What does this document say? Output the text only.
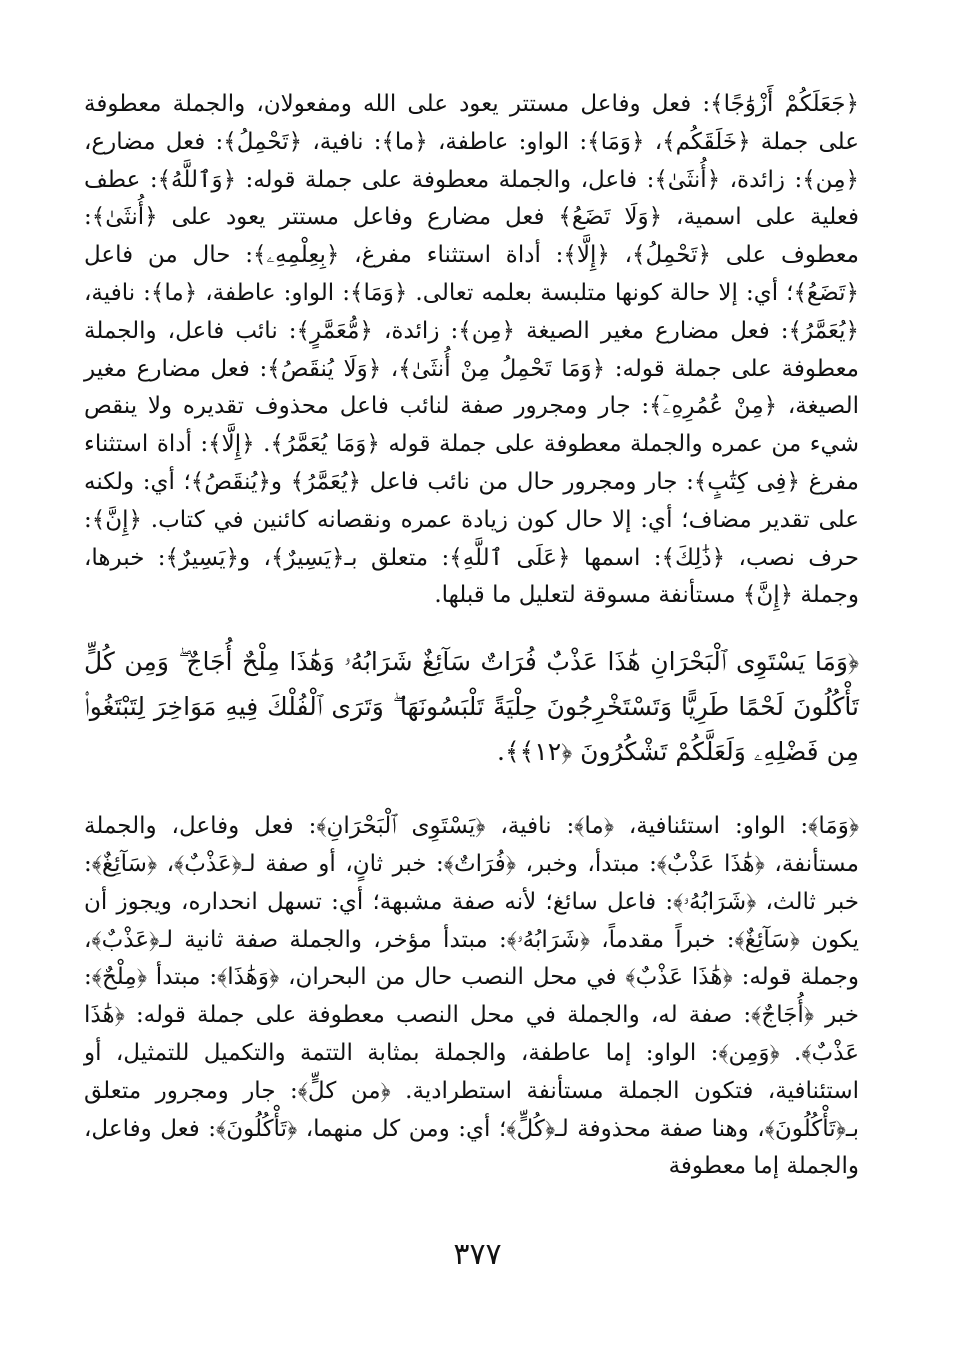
﴿جَعَلَكُمْ أَزْوَٰجًا﴾: فعل وفاعل مستتر يعود على الله ومفعولان، والجملة معطوفة على جملة ﴿خَلَقَكُم﴾، ﴿وَمَا﴾: الواو: عاطفة، ﴿ما﴾: نافية، ﴿تَحْمِلُ﴾: فعل مضارع، ﴿مِن﴾: زائدة، ﴿أُنثَىٰ﴾: فاعل، والجملة معطوفة على جملة قوله: ﴿وَٱللَّهُ﴾: عطف فعلية على اسمية، ﴿وَلَا تَضَعُ﴾ فعل مضارع وفاعل مستتر يعود على ﴿أُنثَىٰ﴾: معطوف على ﴿تَحْمِلُ﴾، ﴿إِلَّا﴾: أداة استثناء مفرغ، ﴿بِعِلْمِهِۦ﴾: حال من فاعل ﴿تَضَعُ﴾؛ أي: إلا حالة كونها متلبسة بعلمه تعالى. ﴿وَمَا﴾: الواو: عاطفة، ﴿ما﴾: نافية، ﴿يُعَمَّرُ﴾: فعل مضارع مغير الصيغة ﴿مِن﴾: زائدة، ﴿مُّعَمَّرٍ﴾: نائب فاعل، والجملة معطوفة على جملة قوله: ﴿وَمَا تَحْمِلُ مِنْ أُنثَىٰ﴾، ﴿وَلَا يُنقَصُ﴾: فعل مضارع مغير الصيغة، ﴿مِنْ عُمُرِهِۦٓ﴾: جار ومجرور صفة لنائب فاعل محذوف تقديره ولا ينقص شيء من عمره والجملة معطوفة على جملة قوله ﴿وَمَا يُعَمَّرُ﴾. ﴿إِلَّا﴾: أداة استثناء مفرغ ﴿فِى كِتَٰبٍ﴾: جار ومجرور حال من نائب فاعل ﴿يُعَمَّرُ﴾ و﴿يُنقَصُ﴾؛ أي: ولكنه على تقدير مضاف؛ أي: إلا حال كون زيادة عمره ونقصانه كائنين في كتاب. ﴿إِنَّ﴾: حرف نصب، ﴿ذَٰلِكَ﴾: اسمها ﴿عَلَى ٱللَّهِ﴾: متعلق بـ﴿يَسِيرٌ﴾، و﴿يَسِيرٌ﴾: خبرها، وجملة ﴿إِنَّ﴾ مستأنفة مسوقة لتعليل ما قبلها.

﴿وَمَا يَسْتَوِى ٱلْبَحْرَانِ هَٰذَا عَذْبٌ فُرَاتٌ سَآئِغٌ شَرَابُهُۥ وَهَٰذَا مِلْحٌ أُجَاجٌ ۖ وَمِن كُلٍّ تَأْكُلُونَ لَحْمًا طَرِيًّا وَتَسْتَخْرِجُونَ حِلْيَةً تَلْبَسُونَهَا ۖ وَتَرَى ٱلْفُلْكَ فِيهِ مَوَاخِرَ لِتَبْتَغُوا۟ مِن فَضْلِهِۦ وَلَعَلَّكُمْ تَشْكُرُونَ ﴿١٢﴾﴾.

﴿وَمَا﴾: الواو: استئنافية، ﴿ما﴾: نافية، ﴿يَسْتَوِى ٱلْبَحْرَانِ﴾: فعل وفاعل، والجملة مستأنفة، ﴿هَٰذَا عَذْبٌ﴾: مبتدأ، وخبر، ﴿فُرَاتٌ﴾: خبر ثانٍ، أو صفة لـ﴿عَذْبٌ﴾، ﴿سَآئِغٌ﴾: خبر ثالث، ﴿شَرَابُهُۥ﴾: فاعل سائغ؛ لأنه صفة مشبهة؛ أي: تسهل انحداره، ويجوز أن يكون ﴿سَآئِغٌ﴾: خبراً مقدماً، ﴿شَرَابُهُۥ﴾: مبتدأ مؤخر، والجملة صفة ثانية لـ﴿عَذْبٌ﴾، وجملة قوله: ﴿هَٰذَا عَذْبٌ﴾ في محل النصب حال من البحران، ﴿وَهَٰذَا﴾: مبتدأ ﴿مِلْحٌ﴾: خبر ﴿أُجَاجٌ﴾: صفة له، والجملة في محل النصب معطوفة على جملة قوله: ﴿هَٰذَا عَذْبٌ﴾. ﴿وَمِن﴾: الواو: إما عاطفة، والجملة بمثابة التتمة والتكميل للتمثيل، أو استئنافية، فتكون الجملة مستأنفة استطرادية. ﴿من كلٍّ﴾: جار ومجرور متعلق بـ﴿تَأْكُلُونَ﴾، وهنا صفة محذوفة لـ﴿كُلٍّ﴾؛ أي: ومن كل منهما، ﴿تَأْكُلُونَ﴾: فعل وفاعل، والجملة إما معطوفة

٣٧٧
